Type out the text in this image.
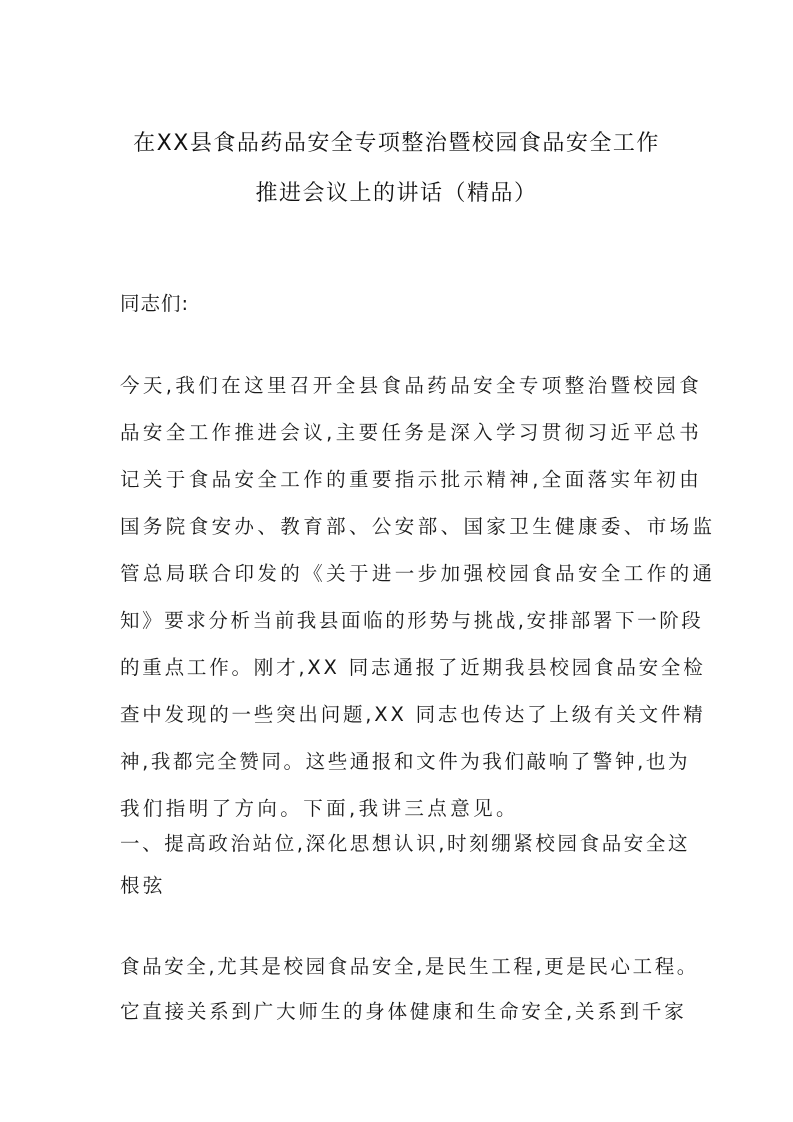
在XX县食品药品安全专项整治暨校园食品安全工作
推进会议上的讲话（精品）
同志们:
今天,我们在这里召开全县食品药品安全专项整治暨校园食
品安全工作推进会议,主要任务是深入学习贯彻习近平总书
记关于食品安全工作的重要指示批示精神,全面落实年初由
国务院食安办、教育部、公安部、国家卫生健康委、市场监
管总局联合印发的《关于进一步加强校园食品安全工作的通
知》要求分析当前我县面临的形势与挑战,安排部署下一阶段
的重点工作。刚才,XX 同志通报了近期我县校园食品安全检
查中发现的一些突出问题,XX 同志也传达了上级有关文件精
神,我都完全赞同。这些通报和文件为我们敲响了警钟,也为
我们指明了方向。下面,我讲三点意见。
一、提高政治站位,深化思想认识,时刻绷紧校园食品安全这
根弦
食品安全,尤其是校园食品安全,是民生工程,更是民心工程。
它直接关系到广大师生的身体健康和生命安全,关系到千家
